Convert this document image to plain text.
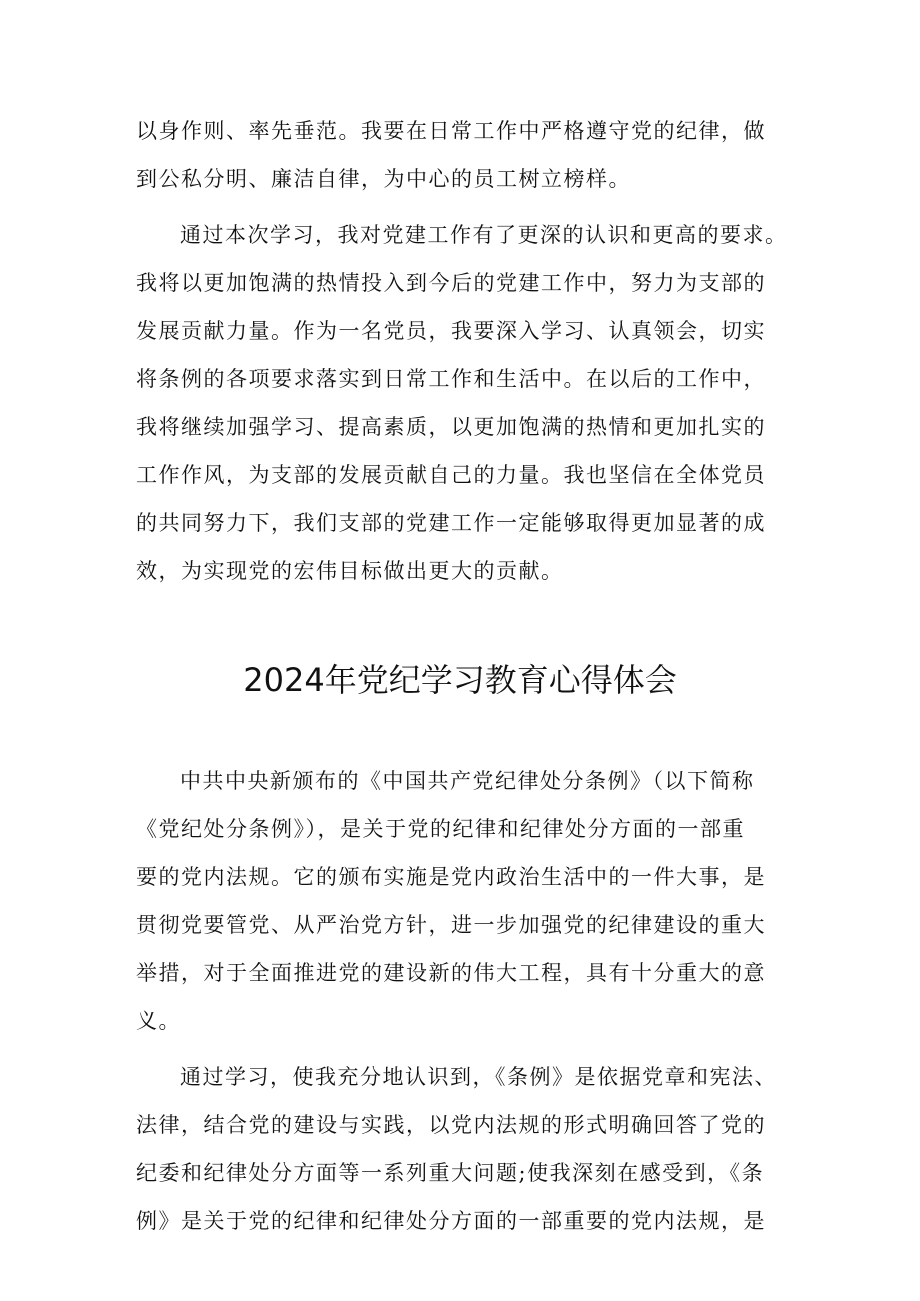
以身作则、率先垂范。我要在日常工作中严格遵守党的纪律，做
到公私分明、廉洁自律，为中心的员工树立榜样。
通过本次学习，我对党建工作有了更深的认识和更高的要求。
我将以更加饱满的热情投入到今后的党建工作中，努力为支部的
发展贡献力量。作为一名党员，我要深入学习、认真领会，切实
将条例的各项要求落实到日常工作和生活中。在以后的工作中，
我将继续加强学习、提高素质，以更加饱满的热情和更加扎实的
工作作风，为支部的发展贡献自己的力量。我也坚信在全体党员
的共同努力下，我们支部的党建工作一定能够取得更加显著的成
效，为实现党的宏伟目标做出更大的贡献。
2024年党纪学习教育心得体会
中共中央新颁布的《中国共产党纪律处分条例》（以下简称
《党纪处分条例》），是关于党的纪律和纪律处分方面的一部重
要的党内法规。它的颁布实施是党内政治生活中的一件大事，是
贯彻党要管党、从严治党方针，进一步加强党的纪律建设的重大
举措，对于全面推进党的建设新的伟大工程，具有十分重大的意
义。
通过学习，使我充分地认识到，《条例》是依据党章和宪法、
法律，结合党的建设与实践，以党内法规的形式明确回答了党的
纪委和纪律处分方面等一系列重大问题;使我深刻在感受到，《条
例》是关于党的纪律和纪律处分方面的一部重要的党内法规，是
